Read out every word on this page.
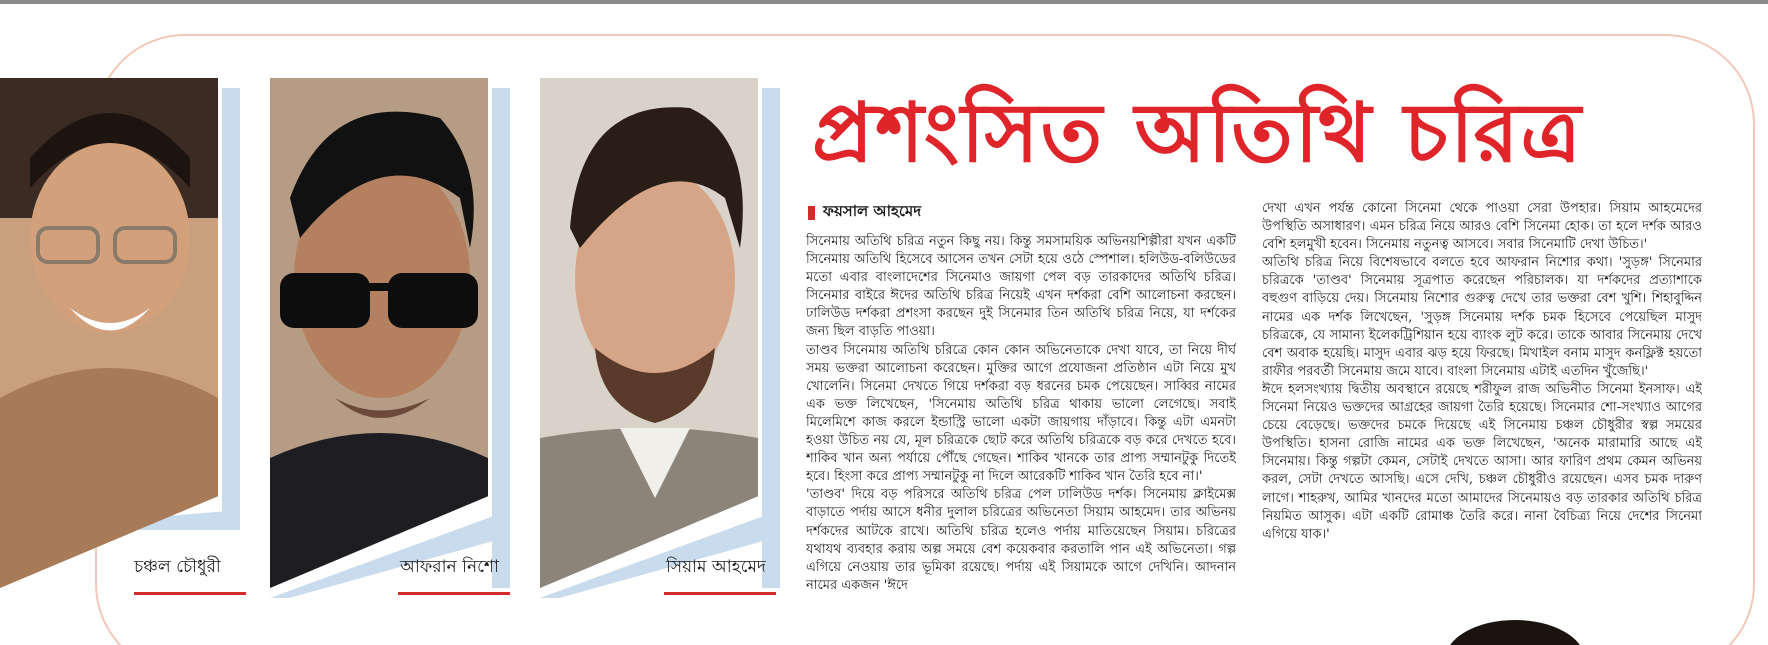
চঞ্চল চৌধুরী	আফরান নিশো	সিয়াম আহমেদ
প্রশংসিত অতিথি চরিত্র
ফয়সাল আহমেদ

সিনেমায় অতিথি চরিত্র নতুন কিছু নয়। কিন্তু সমসাময়িক অভিনয়শিল্পীরা যখন একটি সিনেমায় অতিথি হিসেবে আসেন তখন সেটা হয়ে ওঠে স্পেশাল। হলিউড-বলিউডের মতো এবার বাংলাদেশের সিনেমাও জায়গা পেল বড় তারকাদের অতিথি চরিত্র। সিনেমার বাইরে ঈদের অতিথি চরিত্র নিয়েই এখন দর্শকরা বেশি আলোচনা করছেন। ঢালিউড দর্শকরা প্রশংসা করছেন দুই সিনেমার তিন অতিথি চরিত্র নিয়ে, যা দর্শকের জন্য ছিল বাড়তি পাওয়া।

তাণ্ডব সিনেমায় অতিথি চরিত্রে কোন কোন অভিনেতাকে দেখা যাবে, তা নিয়ে দীর্ঘ সময় ভক্তরা আলোচনা করেছেন। মুক্তির আগে প্রযোজনা প্রতিষ্ঠান এটা নিয়ে মুখ খোলেনি। সিনেমা দেখতে গিয়ে দর্শকরা বড় ধরনের চমক পেয়েছেন। সাব্বির নামের এক ভক্ত লিখেছেন, 'সিনেমায় অতিথি চরিত্র থাকায় ভালো লেগেছে। সবাই মিলেমিশে কাজ করলে ইন্ডাস্ট্রি ভালো একটা জায়গায় দাঁড়াবে। কিন্তু এটা এমনটা হওয়া উচিত নয় যে, মূল চরিত্রকে ছোট করে অতিথি চরিত্রকে বড় করে দেখতে হবে। শাকিব খান অন্য পর্যায়ে পৌঁছে গেছেন। শাকিব খানকে তার প্রাপ্য সম্মানটুকু দিতেই হবে। হিংসা করে প্রাপ্য সম্মানটুকু না দিলে আরেকটি শাকিব খান তৈরি হবে না।'

'তাণ্ডব' দিয়ে বড় পরিসরে অতিথি চরিত্র পেল ঢালিউড দর্শক। সিনেমায় ক্লাইমেক্স বাড়াতে পর্দায় আসে ধনীর দুলাল চরিত্রের অভিনেতা সিয়াম আহমেদ। তার অভিনয় দর্শকদের আটকে রাখে। অতিথি চরিত্র হলেও পর্দায় মাতিয়েছেন সিয়াম। চরিত্রের যথাযথ ব্যবহার করায় অল্প সময়ে বেশ কয়েকবার করতালি পান এই অভিনেতা। গল্প এগিয়ে নেওয়ায় তার ভূমিকা রয়েছে। পর্দায় এই সিয়ামকে আগে দেখিনি। আদনান নামের একজন 'ঈদে

দেখা এখন পর্যন্ত কোনো সিনেমা থেকে পাওয়া সেরা উপহার। সিয়াম আহমেদের উপস্থিতি অসাধারণ। এমন চরিত্র নিয়ে আরও বেশি সিনেমা হোক। তা হলে দর্শক আরও বেশি হলমুখী হবেন। সিনেমায় নতুনত্ব আসবে। সবার সিনেমাটি দেখা উচিত।'

অতিথি চরিত্র নিয়ে বিশেষভাবে বলতে হবে আফরান নিশোর কথা। 'সুড়ঙ্গ' সিনেমার চরিত্রকে 'তাণ্ডব' সিনেমায় সূত্রপাত করেছেন পরিচালক। যা দর্শকদের প্রত্যাশাকে বহুগুণ বাড়িয়ে দেয়। সিনেমায় নিশোর গুরুত্ব দেখে তার ভক্তরা বেশ খুশি। শিহাবুদ্দিন নামের এক দর্শক লিখেছেন, 'সুড়ঙ্গ সিনেমায় দর্শক চমক হিসেবে পেয়েছিল মাসুদ চরিত্রকে, যে সামান্য ইলেকট্রিশিয়ান হয়ে ব্যাংক লুট করে। তাকে আবার সিনেমায় দেখে বেশ অবাক হয়েছি। মাসুদ এবার ঝড় হয়ে ফিরছে। মিখাইল বনাম মাসুদ কনফ্লিক্ট হয়তো রাফীর পরবর্তী সিনেমায় জমে যাবে। বাংলা সিনেমায় এটাই এতদিন খুঁজেছি।'

ঈদে হলসংখ্যায় দ্বিতীয় অবস্থানে রয়েছে শরীফুল রাজ অভিনীত সিনেমা ইনসাফ। এই সিনেমা নিয়েও ভক্তদের আগ্রহের জায়গা তৈরি হয়েছে। সিনেমার শো-সংখ্যাও আগের চেয়ে বেড়েছে। ভক্তদের চমকে দিয়েছে এই সিনেমায় চঞ্চল চৌধুরীর স্বল্প সময়ের উপস্থিতি। হাসনা রোজি নামের এক ভক্ত লিখেছেন, 'অনেক মারামারি আছে এই সিনেমায়। কিন্তু গল্পটা কেমন, সেটাই দেখতে আসা। আর ফারিণ প্রথম কেমন অভিনয় করল, সেটা দেখতে আসছি। এসে দেখি, চঞ্চল চৌধুরীও রয়েছেন। এসব চমক দারুণ লাগে। শাহরুখ, আমির খানদের মতো আমাদের সিনেমায়ও বড় তারকার অতিথি চরিত্র নিয়মিত আসুক। এটা একটি রোমাঞ্চ তৈরি করে। নানা বৈচিত্র্য নিয়ে দেশের সিনেমা এগিয়ে যাক।'
